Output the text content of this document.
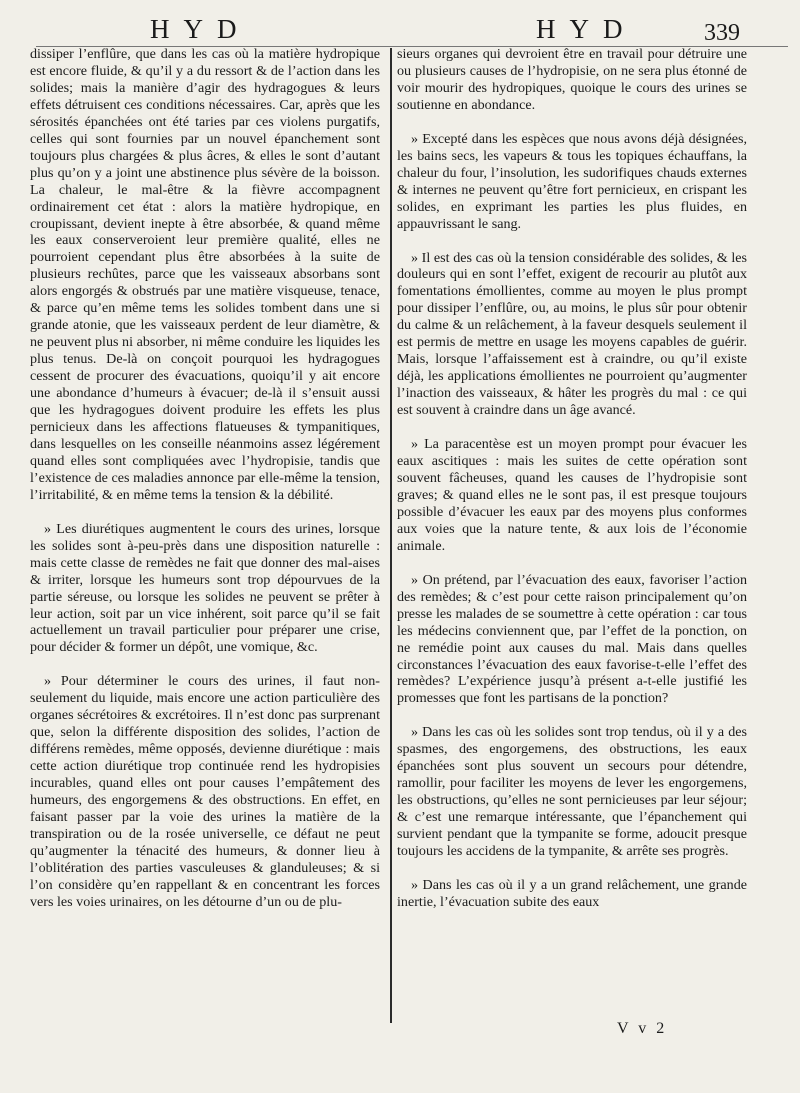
HYD	HYD	339

dissiper l’enflûre, que dans les cas où la matière hydropique est encore fluide, & qu’il y a du ressort & de l’action dans les solides; mais la manière d’agir des hydragogues & leurs effets détruisent ces conditions nécessaires. Car, après que les sérosités épanchées ont été taries par ces violens purgatifs, celles qui sont fournies par un nouvel épanchement sont toujours plus chargées & plus âcres, & elles le sont d’autant plus qu’on y a joint une abstinence plus sévère de la boisson. La chaleur, le mal-être & la fièvre accompagnent ordinairement cet état : alors la matière hydropique, en croupissant, devient inepte à être absorbée, & quand même les eaux conserveroient leur première qualité, elles ne pourroient cependant plus être absorbées à la suite de plusieurs rechûtes, parce que les vaisseaux absorbans sont alors engorgés & obstrués par une matière visqueuse, tenace, & parce qu’en même tems les solides tombent dans une si grande atonie, que les vaisseaux perdent de leur diamètre, & ne peuvent plus ni absorber, ni même conduire les liquides les plus tenus. De-là on conçoit pourquoi les hydragogues cessent de procurer des évacuations, quoiqu’il y ait encore une abondance d’humeurs à évacuer; de-là il s’ensuit aussi que les hydragogues doivent produire les effets les plus pernicieux dans les affections flatueuses & tympanitiques, dans lesquelles on les conseille néanmoins assez légérement quand elles sont compliquées avec l’hydropisie, tandis que l’existence de ces maladies annonce par elle-même la tension, l’irritabilité, & en même tems la tension & la débilité.

» Les diurétiques augmentent le cours des urines, lorsque les solides sont à-peu-près dans une disposition naturelle : mais cette classe de remèdes ne fait que donner des mal-aises & irriter, lorsque les humeurs sont trop dépourvues de la partie séreuse, ou lorsque les solides ne peuvent se prêter à leur action, soit par un vice inhérent, soit parce qu’il se fait actuellement un travail particulier pour préparer une crise, pour décider & former un dépôt, une vomique, &c.

» Pour déterminer le cours des urines, il faut non-seulement du liquide, mais encore une action particulière des organes sécrétoires & excrétoires. Il n’est donc pas surprenant que, selon la différente disposition des solides, l’action de différens remèdes, même opposés, devienne diurétique : mais cette action diurétique trop continuée rend les hydropisies incurables, quand elles ont pour causes l’empâtement des humeurs, des engorgemens & des obstructions. En effet, en faisant passer par la voie des urines la matière de la transpiration ou de la rosée universelle, ce défaut ne peut qu’augmenter la ténacité des humeurs, & donner lieu à l’oblitération des parties vasculeuses & glanduleuses; & si l’on considère qu’en rappellant & en concentrant les forces vers les voies urinaires, on les détourne d’un ou de plu-

sieurs organes qui devroient être en travail pour détruire une ou plusieurs causes de l’hydropisie, on ne sera plus étonné de voir mourir des hydropiques, quoique le cours des urines se soutienne en abondance.

» Excepté dans les espèces que nous avons déjà désignées, les bains secs, les vapeurs & tous les topiques échauffans, la chaleur du four, l’insolution, les sudorifiques chauds externes & internes ne peuvent qu’être fort pernicieux, en crispant les solides, en exprimant les parties les plus fluides, en appauvrissant le sang.

» Il est des cas où la tension considérable des solides, & les douleurs qui en sont l’effet, exigent de recourir au plutôt aux fomentations émollientes, comme au moyen le plus prompt pour dissiper l’enflûre, ou, au moins, le plus sûr pour obtenir du calme & un relâchement, à la faveur desquels seulement il est permis de mettre en usage les moyens capables de guérir. Mais, lorsque l’affaissement est à craindre, ou qu’il existe déjà, les applications émollientes ne pourroient qu’augmenter l’inaction des vaisseaux, & hâter les progrès du mal : ce qui est souvent à craindre dans un âge avancé.

» La paracentèse est un moyen prompt pour évacuer les eaux ascitiques : mais les suites de cette opération sont souvent fâcheuses, quand les causes de l’hydropisie sont graves; & quand elles ne le sont pas, il est presque toujours possible d’évacuer les eaux par des moyens plus conformes aux voies que la nature tente, & aux lois de l’économie animale.

» On prétend, par l’évacuation des eaux, favoriser l’action des remèdes; & c’est pour cette raison principalement qu’on presse les malades de se soumettre à cette opération : car tous les médecins conviennent que, par l’effet de la ponction, on ne remédie point aux causes du mal. Mais dans quelles circonstances l’évacuation des eaux favorise-t-elle l’effet des remèdes? L’expérience jusqu’à présent a-t-elle justifié les promesses que font les partisans de la ponction?

» Dans les cas où les solides sont trop tendus, où il y a des spasmes, des engorgemens, des obstructions, les eaux épanchées sont plus souvent un secours pour détendre, ramollir, pour faciliter les moyens de lever les engorgemens, les obstructions, qu’elles ne sont pernicieuses par leur séjour; & c’est une remarque intéressante, que l’épanchement qui survient pendant que la tympanite se forme, adoucit presque toujours les accidens de la tympanite, & arrête ses progrès.

» Dans les cas où il y a un grand relâchement, une grande inertie, l’évacuation subite des eaux

V v 2
